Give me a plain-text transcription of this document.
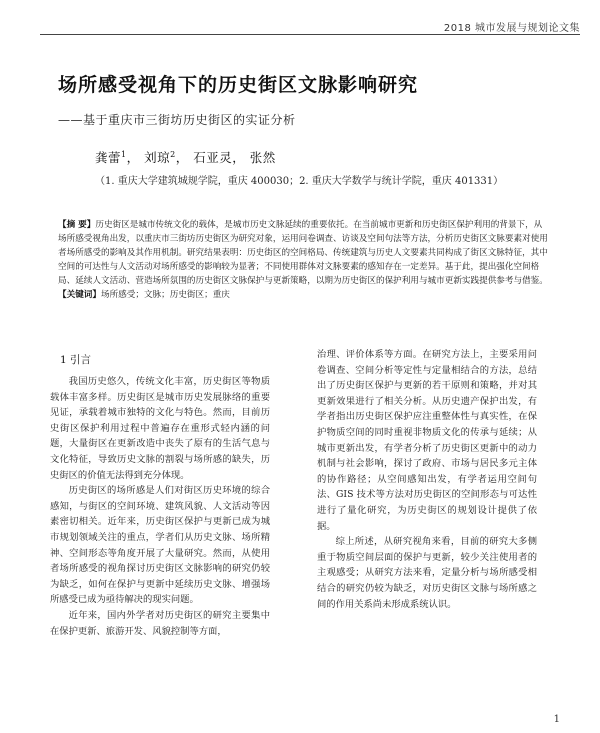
2018 城市发展与规划论文集
场所感受视角下的历史街区文脉影响研究
——基于重庆市三街坊历史街区的实证分析
龚蕾$^1$， 刘琼$^2$， 石亚灵， 张然
（1. 重庆大学建筑城规学院，重庆 400030；2. 重庆大学数学与统计学院，重庆 401331）
【摘 要】历史街区是城市传统文化的载体，是城市历史文脉延续的重要依托。在当前城市更新和历史街区保护利用的背景下，从场所感受视角出发，以重庆市三街坊历史街区为研究对象，运用问卷调查、访谈及空间句法等方法，分析历史街区文脉要素对使用者场所感受的影响及其作用机制。研究结果表明：历史街区的空间格局、传统建筑与历史人文要素共同构成了街区文脉特征，其中空间的可达性与人文活动对场所感受的影响较为显著；不同使用群体对文脉要素的感知存在一定差异。基于此，提出强化空间格局、延续人文活动、营造场所氛围的历史街区文脉保护与更新策略，以期为历史街区的保护利用与城市更新实践提供参考与借鉴。
【关键词】场所感受；文脉；历史街区；重庆
1 引言

我国历史悠久，传统文化丰富，历史街区等物质载体丰富多样。历史街区是城市历史发展脉络的重要见证，承载着城市独特的文化与特色。然而，目前历史街区保护利用过程中普遍存在重形式轻内涵的问题，大量街区在更新改造中丧失了原有的生活气息与文化特征，导致历史文脉的割裂与场所感的缺失，历史街区的价值无法得到充分体现。

历史街区的场所感是人们对街区历史环境的综合感知，与街区的空间环境、建筑风貌、人文活动等因素密切相关。近年来，历史街区保护与更新已成为城市规划领域关注的重点，学者们从历史文脉、场所精神、空间形态等角度开展了大量研究。然而，从使用者场所感受的视角探讨历史街区文脉影响的研究仍较为缺乏，如何在保护与更新中延续历史文脉、增强场所感受已成为亟待解决的现实问题。

近年来，国内外学者对历史街区的研究主要集中在保护更新、旅游开发、风貌控制等方面，

治理、评价体系等方面。在研究方法上，主要采用问卷调查、空间分析等定性与定量相结合的方法，总结出了历史街区保护与更新的若干原则和策略，并对其更新效果进行了相关分析。从历史遗产保护出发，有学者指出历史街区保护应注重整体性与真实性，在保护物质空间的同时重视非物质文化的传承与延续；从城市更新出发，有学者分析了历史街区更新中的动力机制与社会影响，探讨了政府、市场与居民多元主体的协作路径；从空间感知出发，有学者运用空间句法、GIS 技术等方法对历史街区的空间形态与可达性进行了量化研究，为历史街区的规划设计提供了依据。

综上所述，从研究视角来看，目前的研究大多侧重于物质空间层面的保护与更新，较少关注使用者的主观感受；从研究方法来看，定量分析与场所感受相结合的研究仍较为缺乏，对历史街区文脉与场所感之间的作用关系尚未形成系统认识。

1
